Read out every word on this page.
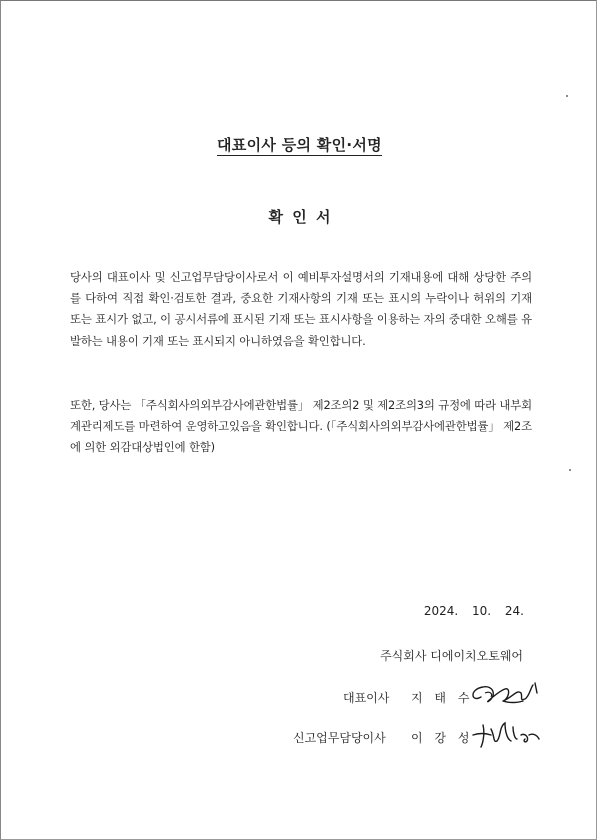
대표이사 등의 확인·서명
확 인 서
당사의 대표이사 및 신고업무담당이사로서 이 예비투자설명서의 기재내용에 대해 상당한 주의를 다하여 직접 확인·검토한 결과, 중요한 기재사항의 기재 또는 표시의 누락이나 허위의 기재 또는 표시가 없고, 이 공시서류에 표시된 기재 또는 표시사항을 이용하는 자의 중대한 오해를 유발하는 내용이 기재 또는 표시되지 아니하였음을 확인합니다.
또한, 당사는 「주식회사의외부감사에관한법률」 제2조의2 및 제2조의3의 규정에 따라 내부회계관리제도를 마련하여 운영하고있음을 확인합니다. (「주식회사의외부감사에관한법률」 제2조에 의한 외감대상법인에 한함)
2024. 10. 24.
주식회사 디에이치오토웨어
대표이사 지 태 수
신고업무담당이사 이 강 성
